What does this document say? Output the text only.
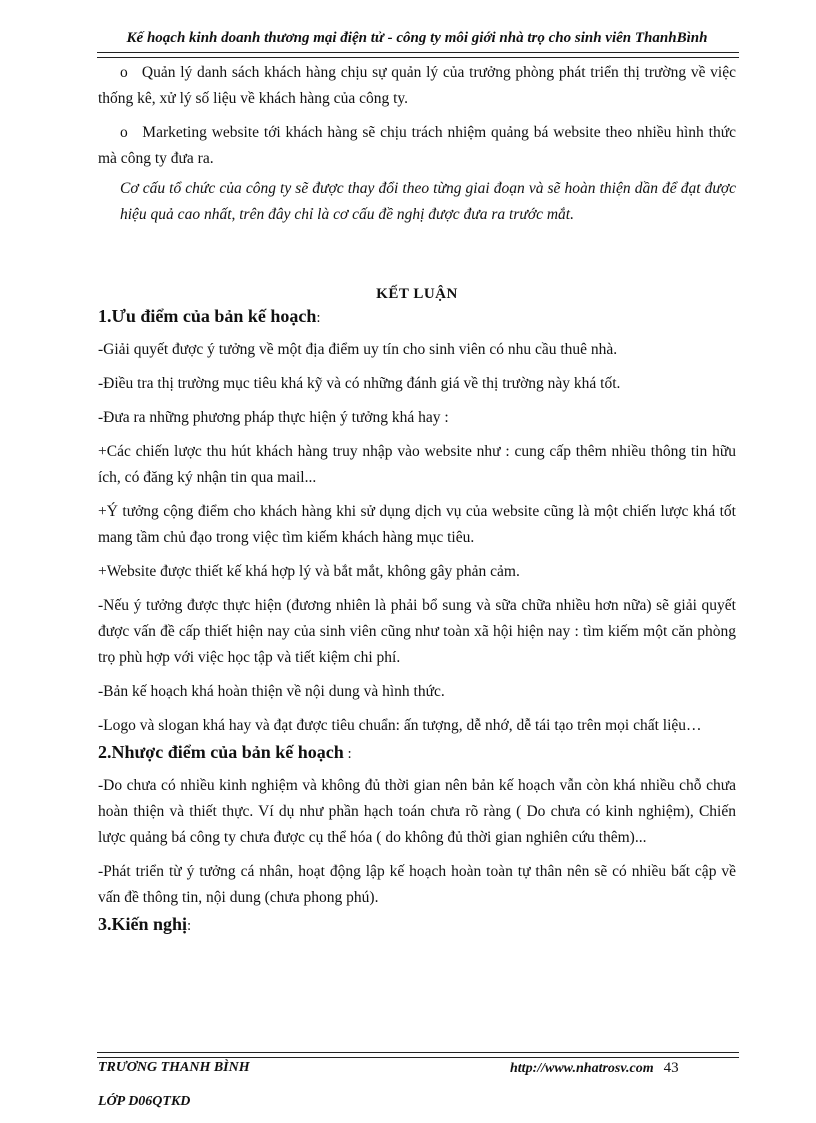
Kế hoạch kinh doanh thương mại điện tử - công ty môi giới nhà trọ cho sinh viên ThanhBình

o Quản lý danh sách khách hàng chịu sự quản lý của trưởng phòng phát triển thị trường về việc thống kê, xử lý số liệu về khách hàng của công ty.

o Marketing website tới khách hàng sẽ chịu trách nhiệm quảng bá website theo nhiều hình thức mà công ty đưa ra.

Cơ cấu tổ chức của công ty sẽ được thay đổi theo từng giai đoạn và sẽ hoàn thiện dần để đạt được hiệu quả cao nhất, trên đây chỉ là cơ cấu đề nghị được đưa ra trước mắt.

KẾT LUẬN

1.Ưu điểm của bản kế hoạch:

-Giải quyết được ý tưởng về một địa điểm uy tín cho sinh viên có nhu cầu thuê nhà.

-Điều tra thị trường mục tiêu khá kỹ và có những đánh giá về thị trường này khá tốt.

-Đưa ra những phương pháp thực hiện ý tưởng khá hay :

+Các chiến lược thu hút khách hàng truy nhập vào website như : cung cấp thêm nhiều thông tin hữu ích, có đăng ký nhận tin qua mail...

+Ý tưởng cộng điểm cho khách hàng khi sử dụng dịch vụ của website cũng là một chiến lược khá tốt mang tầm chủ đạo trong việc tìm kiếm khách hàng mục tiêu.

+Website được thiết kế khá hợp lý và bắt mắt, không gây phản cảm.

-Nếu ý tưởng được thực hiện (đương nhiên là phải bổ sung và sữa chữa nhiều hơn nữa) sẽ giải quyết được vấn đề cấp thiết hiện nay của sinh viên cũng như toàn xã hội hiện nay : tìm kiếm một căn phòng trọ phù hợp với việc học tập và tiết kiệm chi phí.

-Bản kế hoạch khá hoàn thiện về nội dung và hình thức.

-Logo và slogan khá hay và đạt được tiêu chuẩn: ấn tượng, dễ nhớ, dễ tái tạo trên mọi chất liệu…

2.Nhược điểm của bản kế hoạch :

-Do chưa có nhiều kinh nghiệm và không đủ thời gian nên bản kế hoạch vẫn còn khá nhiều chỗ chưa hoàn thiện và thiết thực. Ví dụ như phần hạch toán chưa rõ ràng ( Do chưa có kinh nghiệm), Chiến lược quảng bá công ty chưa được cụ thể hóa ( do không đủ thời gian nghiên cứu thêm)...

-Phát triển từ ý tưởng cá nhân, hoạt động lập kế hoạch hoàn toàn tự thân nên sẽ có nhiều bất cập về vấn đề thông tin, nội dung (chưa phong phú).

3.Kiến nghị:

TRƯƠNG THANH BÌNH	http://www.nhatrosv.com 43
LỚP D06QTKD
